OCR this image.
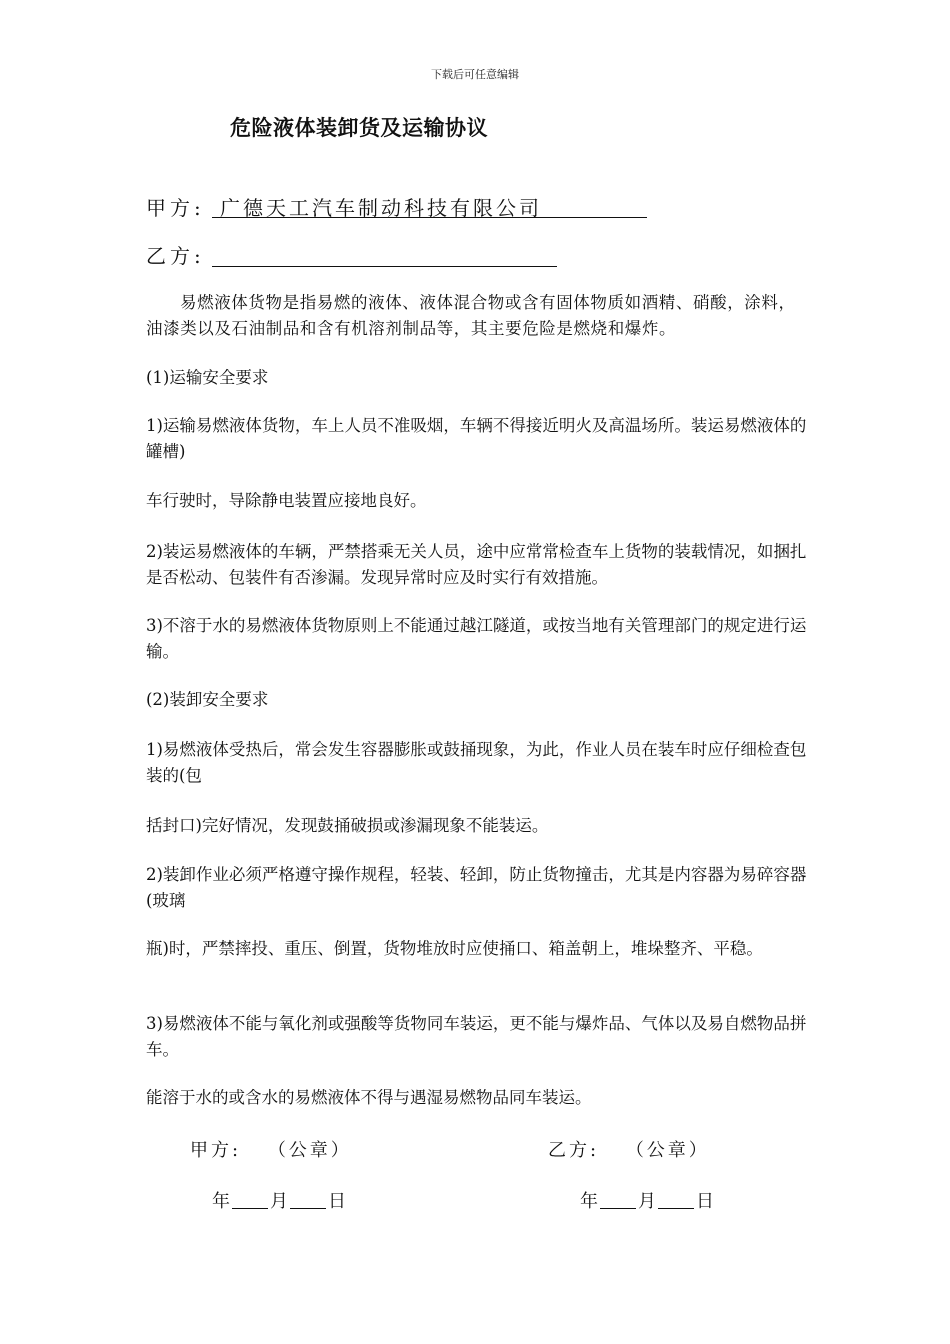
下载后可任意编辑
危险液体装卸货及运输协议
甲方: 广德天工汽车制动科技有限公司
乙方:

易燃液体货物是指易燃的液体、液体混合物或含有固体物质如酒精、硝酸，涂料，油漆类以及石油制品和含有机溶剂制品等，其主要危险是燃烧和爆炸。

(1)运输安全要求

1)运输易燃液体货物，车上人员不准吸烟，车辆不得接近明火及高温场所。装运易燃液体的罐槽)

车行驶时，导除静电装置应接地良好。

2)装运易燃液体的车辆，严禁搭乘无关人员，途中应常常检查车上货物的装载情况，如捆扎是否松动、包装件有否渗漏。发现异常时应及时实行有效措施。

3)不溶于水的易燃液体货物原则上不能通过越江隧道，或按当地有关管理部门的规定进行运输。

(2)装卸安全要求

1)易燃液体受热后，常会发生容器膨胀或鼓捅现象，为此，作业人员在装车时应仔细检查包装的(包

括封口)完好情况，发现鼓捅破损或渗漏现象不能装运。

2)装卸作业必须严格遵守操作规程，轻装、轻卸，防止货物撞击，尤其是内容器为易碎容器(玻璃

瓶)时，严禁摔投、重压、倒置，货物堆放时应使捅口、箱盖朝上，堆垛整齐、平稳。

3)易燃液体不能与氧化剂或强酸等货物同车装运，更不能与爆炸品、气体以及易自燃物品拼车。

能溶于水的或含水的易燃液体不得与遇湿易燃物品同车装运。

甲方: （公章）	乙方: （公章）
年 月 日	年 月 日
